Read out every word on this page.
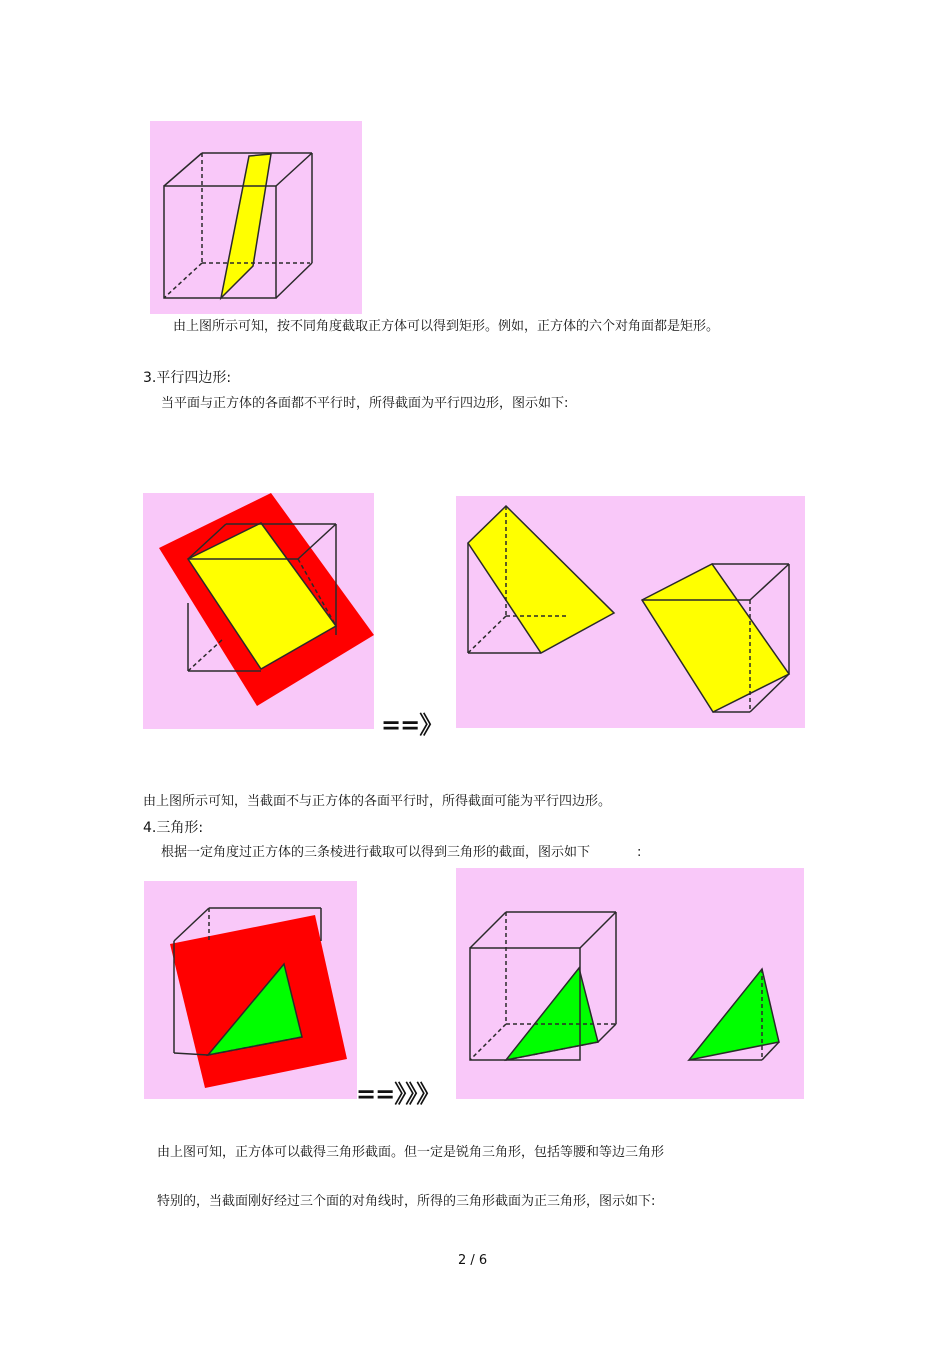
由上图所示可知，按不同角度截取正方体可以得到矩形。例如，正方体的六个对角面都是矩形。
3.平行四边形:
当平面与正方体的各面都不平行时，所得截面为平行四边形，图示如下:
==》
由上图所示可知，当截面不与正方体的各面平行时，所得截面可能为平行四边形。
4.三角形:
根据一定角度过正方体的三条棱进行截取可以得到三角形的截面，图示如下	:
==》》》
由上图可知，正方体可以截得三角形截面。但一定是锐角三角形，包括等腰和等边三角形
特别的，当截面刚好经过三个面的对角线时，所得的三角形截面为正三角形，图示如下:
2 / 6
